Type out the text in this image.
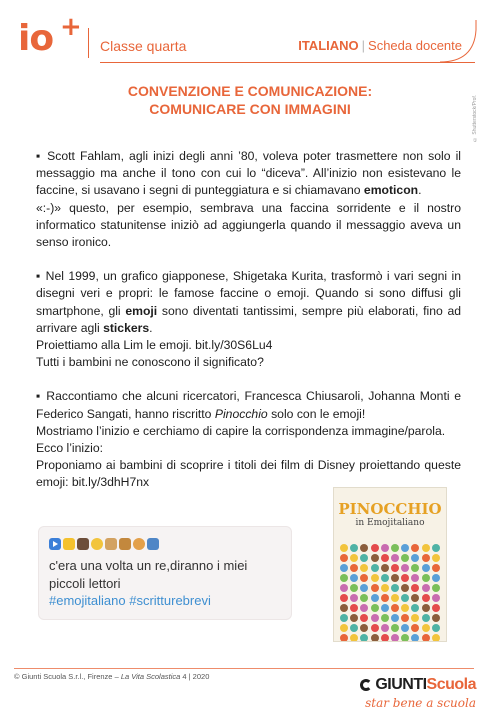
io +
Classe quarta	ITALIANO | Scheda docente
© Shutterstock/Prof.
CONVENZIONE E COMUNICAZIONE:
COMUNICARE CON IMMAGINI

▪ Scott Fahlam, agli inizi degli anni ’80, voleva poter trasmettere non solo il messaggio ma anche il tono con cui lo “diceva”. All’inizio non esistevano le faccine, si usavano i segni di punteggiatura e si chiamavano emoticon.

«:-)» questo, per esempio, sembrava una faccina sorridente e il nostro informatico statunitense iniziò ad aggiungerla quando il messaggio aveva un senso ironico.

▪ Nel 1999, un grafico giapponese, Shigetaka Kurita, trasformò i vari segni in disegni veri e propri: le famose faccine o emoji. Quando si sono diffusi gli smartphone, gli emoji sono diventati tantissimi, sempre più elaborati, fino ad arrivare agli stickers.

Proiettiamo alla Lim le emoji. bit.ly/30S6Lu4

Tutti i bambini ne conoscono il significato?

▪ Raccontiamo che alcuni ricercatori, Francesca Chiusaroli, Johanna Monti e Federico Sangati, hanno riscritto Pinocchio solo con le emoji!

Mostriamo l’inizio e cerchiamo di capire la corrispondenza immagine/parola.

Ecco l’inizio:

Proponiamo ai bambini di scoprire i titoli dei film di Disney proiettando queste emoji: bit.ly/3dhH7nx

c'era una volta un re,diranno i miei
piccoli lettori
#emojitaliano #scritturebrevi
PINOCCHIO
in Emojitaliano
© Giunti Scuola S.r.l., Firenze – La Vita Scolastica 4 | 2020	GIUNTIScuola
star bene a scuola
